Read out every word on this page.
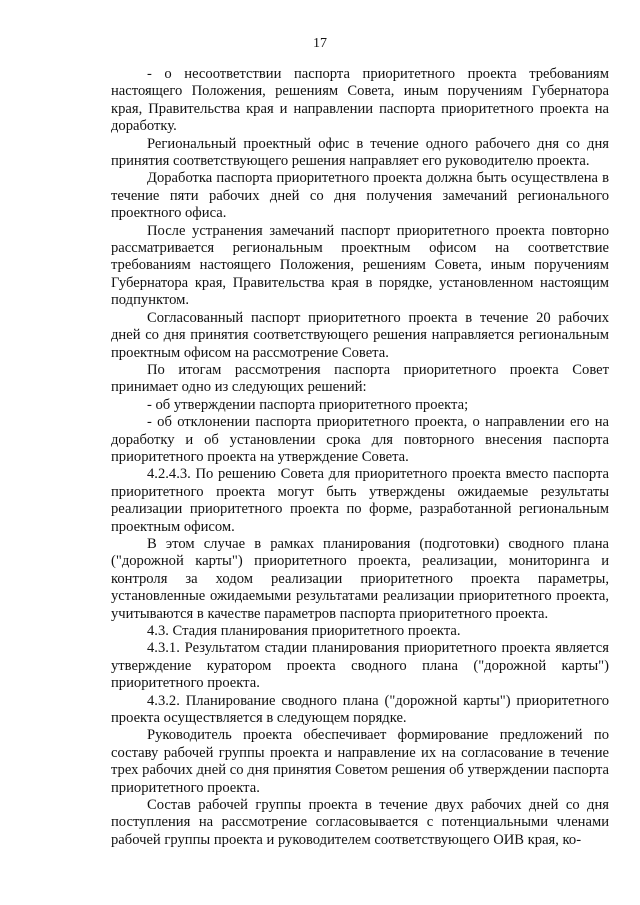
17

- о несоответствии паспорта приоритетного проекта требованиям настоящего Положения, решениям Совета, иным поручениям Губернатора края, Правительства края и направлении паспорта приоритетного проекта на доработку.

Региональный проектный офис в течение одного рабочего дня со дня принятия соответствующего решения направляет его руководителю проекта.

Доработка паспорта приоритетного проекта должна быть осуществлена в течение пяти рабочих дней со дня получения замечаний регионального проектного офиса.

После устранения замечаний паспорт приоритетного проекта повторно рассматривается региональным проектным офисом на соответствие требованиям настоящего Положения, решениям Совета, иным поручениям Губернатора края, Правительства края в порядке, установленном настоящим подпунктом.

Согласованный паспорт приоритетного проекта в течение 20 рабочих дней со дня принятия соответствующего решения направляется региональным проектным офисом на рассмотрение Совета.

По итогам рассмотрения паспорта приоритетного проекта Совет принимает одно из следующих решений:

- об утверждении паспорта приоритетного проекта;

- об отклонении паспорта приоритетного проекта, о направлении его на доработку и об установлении срока для повторного внесения паспорта приоритетного проекта на утверждение Совета.

4.2.4.3. По решению Совета для приоритетного проекта вместо паспорта приоритетного проекта могут быть утверждены ожидаемые результаты реализации приоритетного проекта по форме, разработанной региональным проектным офисом.

В этом случае в рамках планирования (подготовки) сводного плана ("дорожной карты") приоритетного проекта, реализации, мониторинга и контроля за ходом реализации приоритетного проекта параметры, установленные ожидаемыми результатами реализации приоритетного проекта, учитываются в качестве параметров паспорта приоритетного проекта.

4.3. Стадия планирования приоритетного проекта.

4.3.1. Результатом стадии планирования приоритетного проекта является утверждение куратором проекта сводного плана ("дорожной карты") приоритетного проекта.

4.3.2. Планирование сводного плана ("дорожной карты") приоритетного проекта осуществляется в следующем порядке.

Руководитель проекта обеспечивает формирование предложений по составу рабочей группы проекта и направление их на согласование в течение трех рабочих дней со дня принятия Советом решения об утверждении паспорта приоритетного проекта.

Состав рабочей группы проекта в течение двух рабочих дней со дня поступления на рассмотрение согласовывается с потенциальными членами рабочей группы проекта и руководителем соответствующего ОИВ края, ко-
